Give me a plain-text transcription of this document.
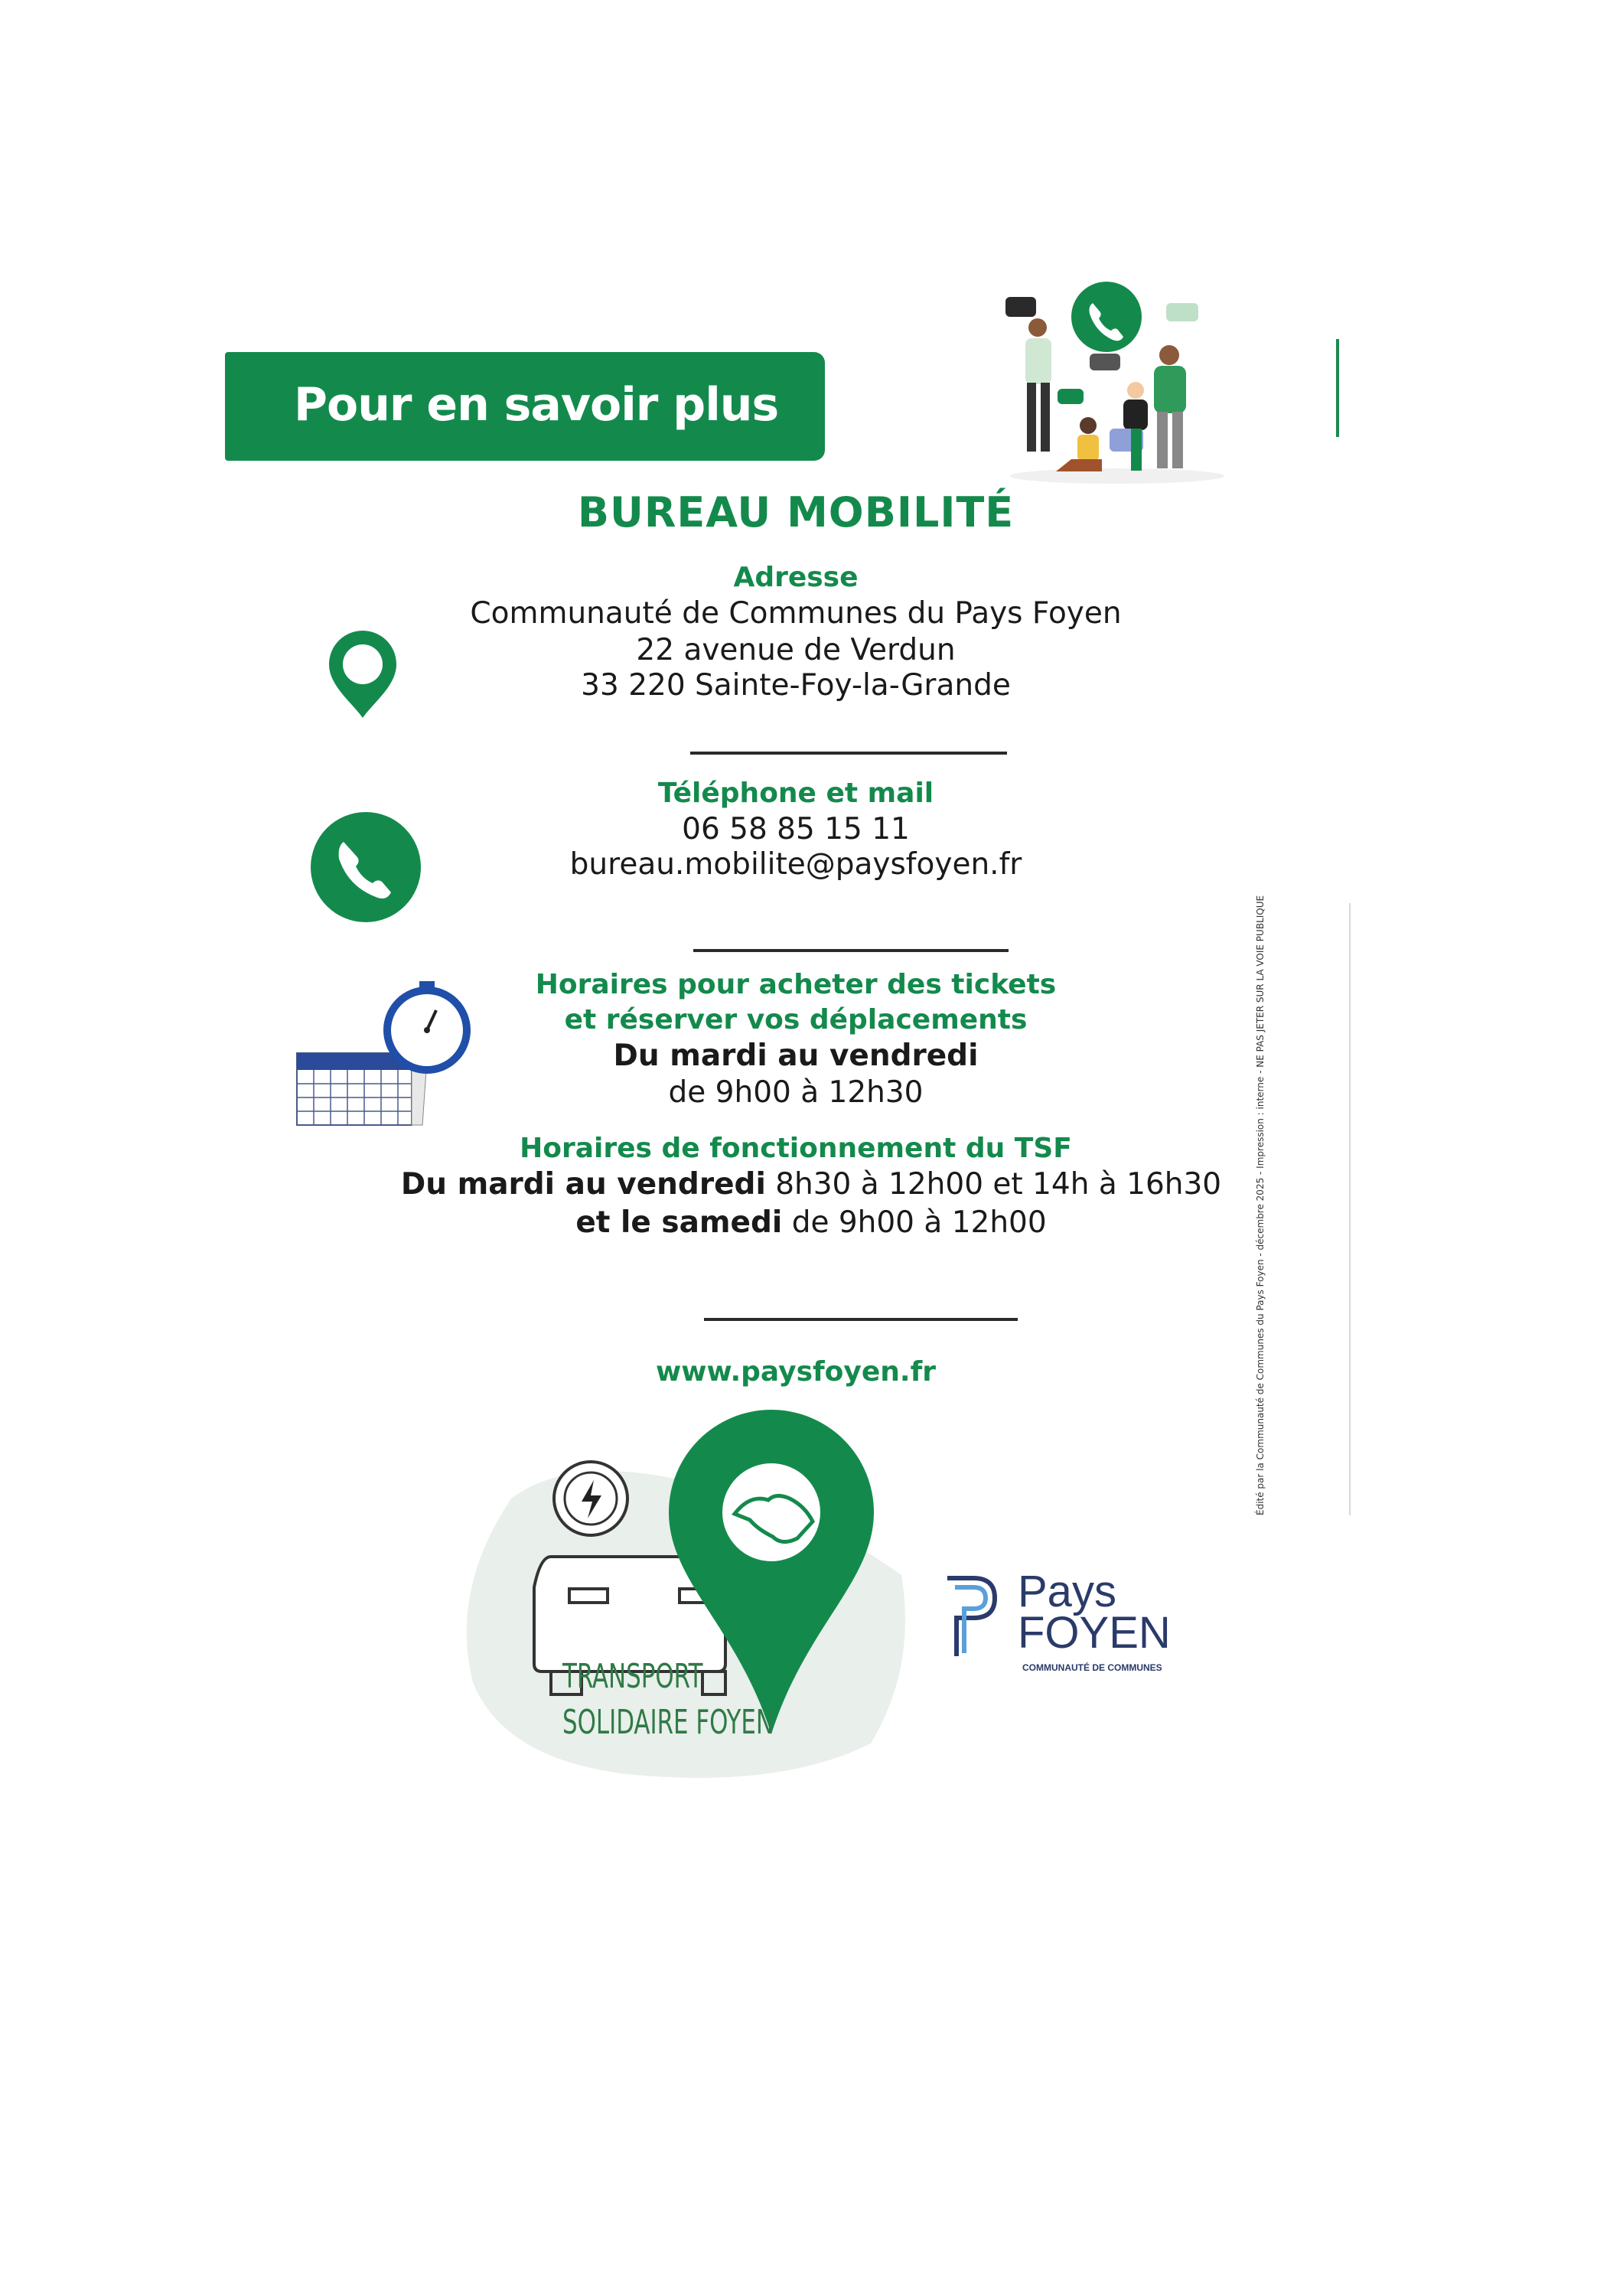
Pour en savoir plus
Édité par la Communauté de Communes du Pays Foyen - décembre 2025 - Impression : interne - NE PAS JETER SUR LA VOIE PUBLIQUE
BUREAU MOBILITÉ
Adresse
Communauté de Communes du Pays Foyen
22 avenue de Verdun
33 220 Sainte-Foy-la-Grande
Téléphone et mail
06 58 85 15 11
bureau.mobilite@paysfoyen.fr
Horaires pour acheter des tickets
et réserver vos déplacements
Du mardi au vendredi
de 9h00 à 12h30
Horaires de fonctionnement du TSF
Du mardi au vendredi 8h30 à 12h00 et 14h à 16h30
et le samedi de 9h00 à 12h00
www.paysfoyen.fr
TRANSPORT
SOLIDAIRE FOYEN
Pays
FOYEN
COMMUNAUTÉ DE COMMUNES
